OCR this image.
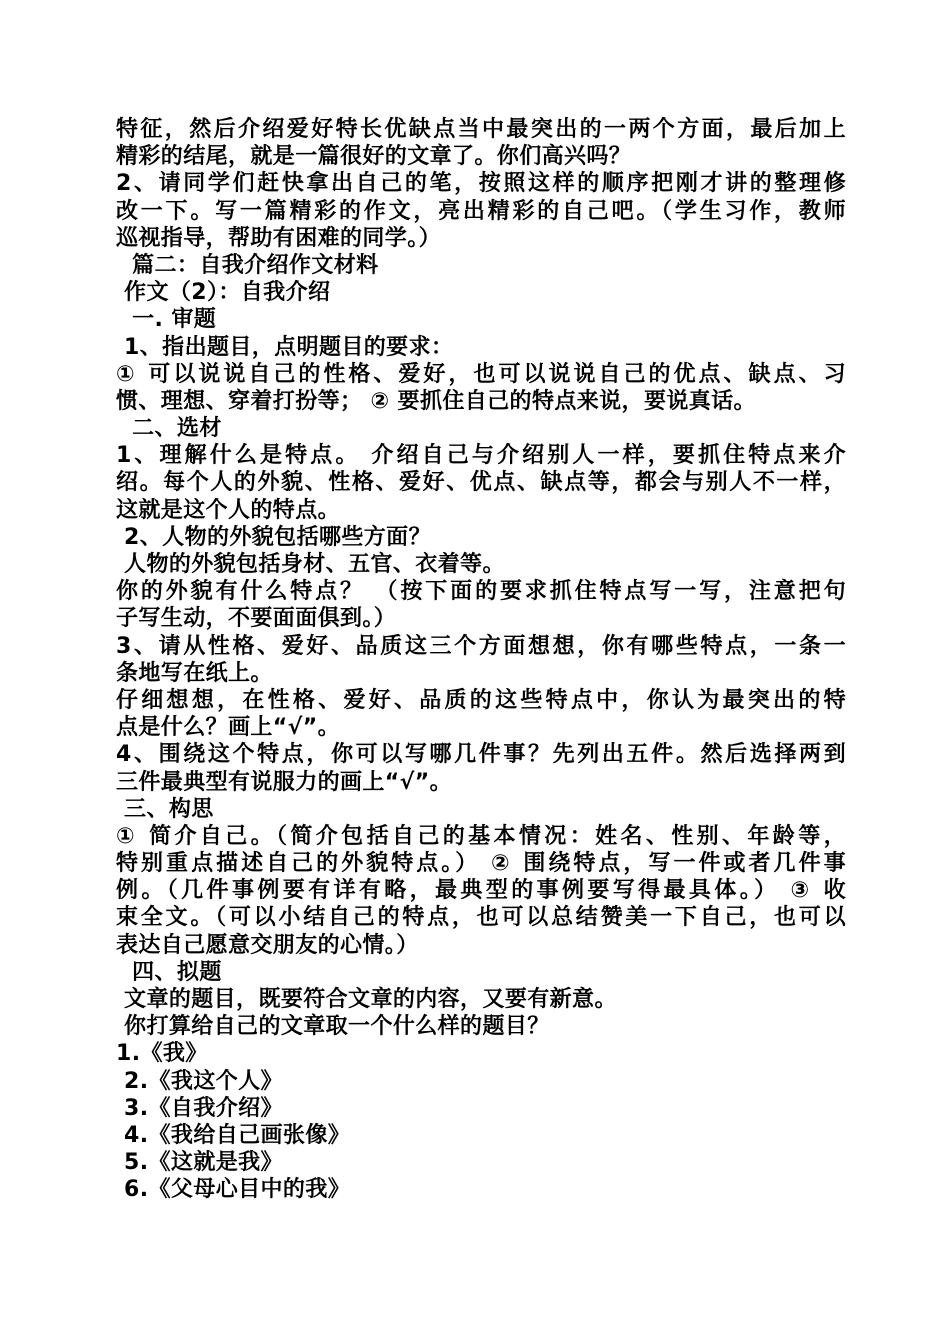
特征，然后介绍爱好特长优缺点当中最突出的一两个方面，最后加上
精彩的结尾，就是一篇很好的文章了。你们高兴吗？
2、请同学们赶快拿出自己的笔，按照这样的顺序把刚才讲的整理修
改一下。写一篇精彩的作文，亮出精彩的自己吧。（学生习作，教师
巡视指导，帮助有困难的同学。）
篇二：自我介绍作文材料
作文（2）：自我介绍
一. 审题
1、指出题目，点明题目的要求：
① 可以说说自己的性格、爱好，也可以说说自己的优点、缺点、习
惯、理想、穿着打扮等； ② 要抓住自己的特点来说，要说真话。
二、选材
1、理解什么是特点。 介绍自己与介绍别人一样，要抓住特点来介
绍。每个人的外貌、性格、爱好、优点、缺点等，都会与别人不一样，
这就是这个人的特点。
2、人物的外貌包括哪些方面？
人物的外貌包括身材、五官、衣着等。
你的外貌有什么特点？ （按下面的要求抓住特点写一写，注意把句
子写生动，不要面面俱到。）
3、请从性格、爱好、品质这三个方面想想，你有哪些特点，一条一
条地写在纸上。
仔细想想，在性格、爱好、品质的这些特点中，你认为最突出的特
点是什么？画上“√”。
4、围绕这个特点，你可以写哪几件事？先列出五件。然后选择两到
三件最典型有说服力的画上“√”。
三、构思
① 简介自己。（简介包括自己的基本情况：姓名、性别、年龄等，
特别重点描述自己的外貌特点。） ② 围绕特点，写一件或者几件事
例。（几件事例要有详有略，最典型的事例要写得最具体。） ③ 收
束全文。（可以小结自己的特点，也可以总结赞美一下自己，也可以
表达自己愿意交朋友的心情。）
四、拟题
文章的题目，既要符合文章的内容，又要有新意。
你打算给自己的文章取一个什么样的题目？
1.《我》
2.《我这个人》
3.《自我介绍》
4.《我给自己画张像》
5.《这就是我》
6.《父母心目中的我》
